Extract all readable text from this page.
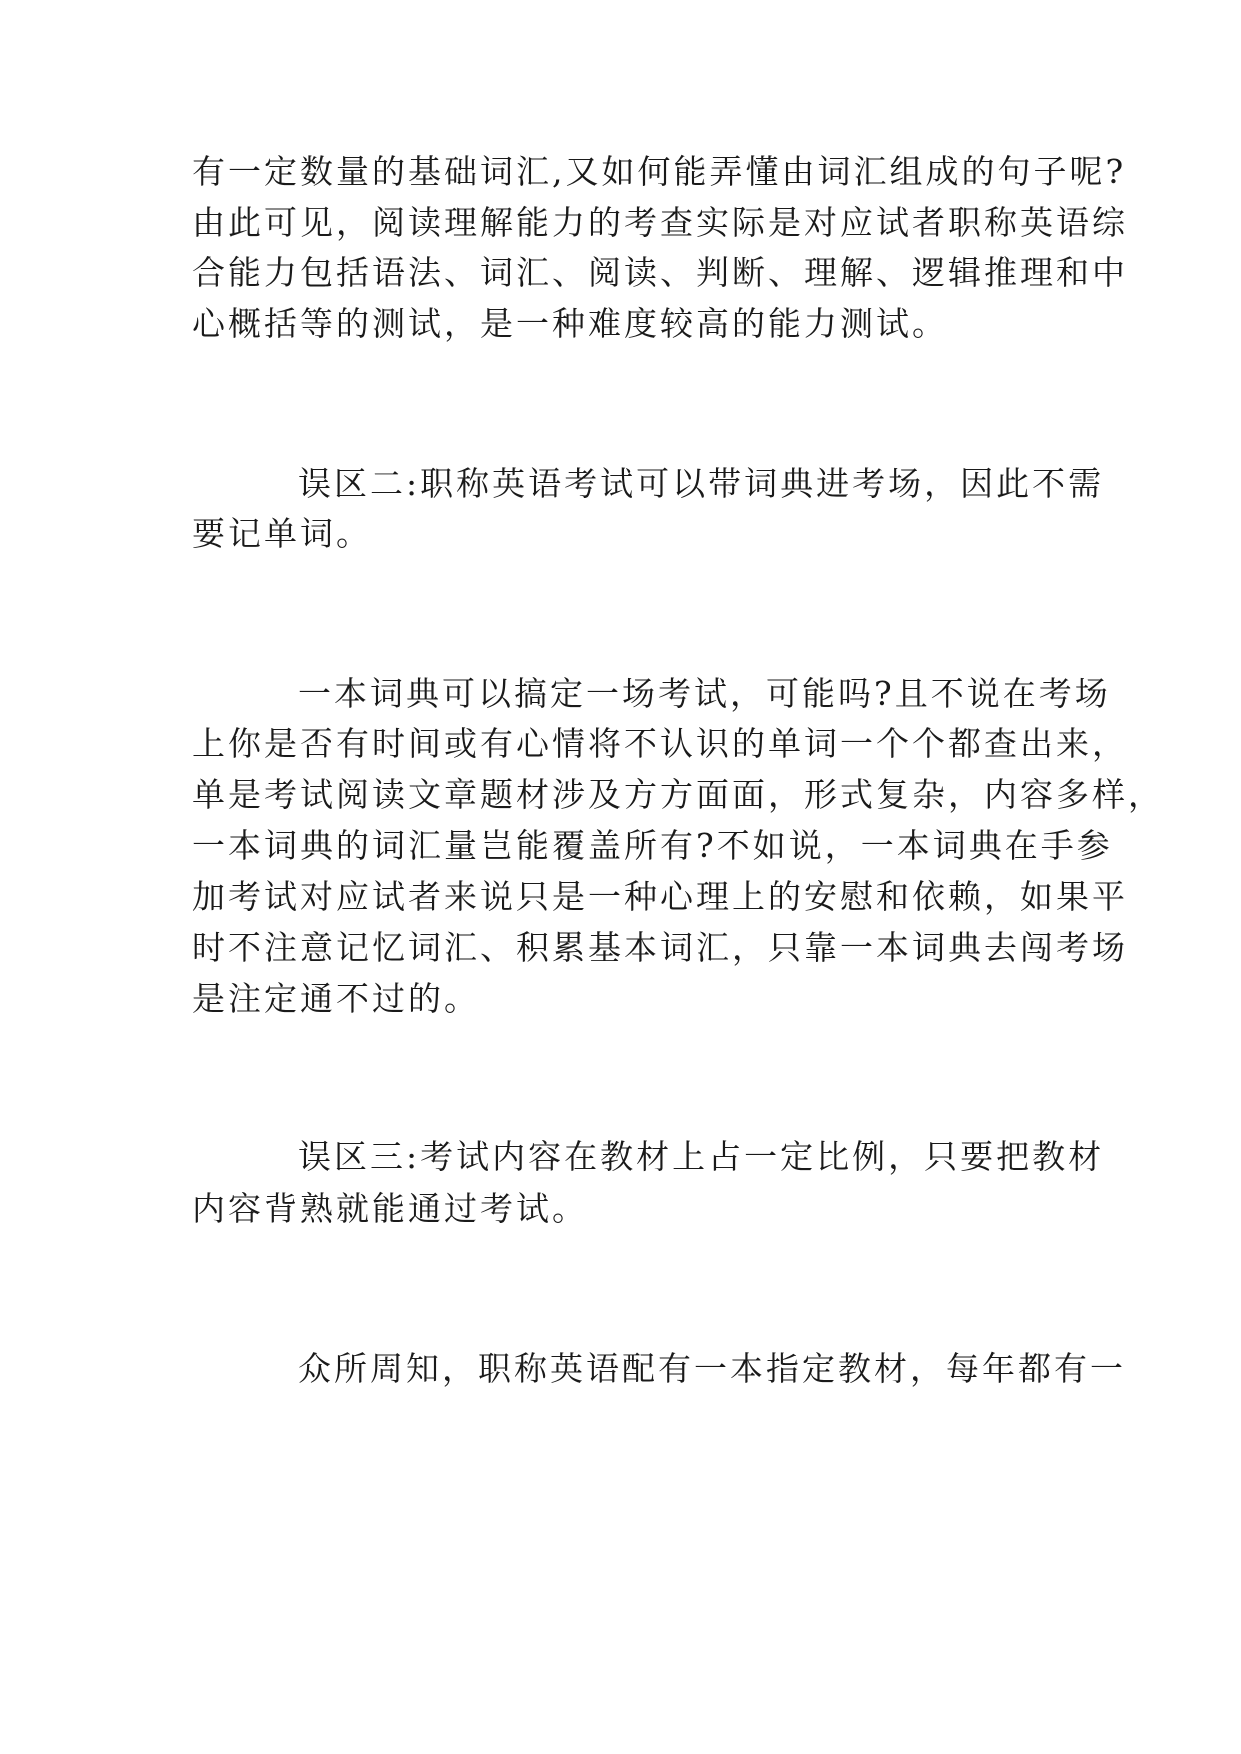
有一定数量的基础词汇,又如何能弄懂由词汇组成的句子呢?
由此可见，阅读理解能力的考查实际是对应试者职称英语综
合能力包括语法、词汇、阅读、判断、理解、逻辑推理和中
心概括等的测试，是一种难度较高的能力测试。
误区二:职称英语考试可以带词典进考场，因此不需
要记单词。
一本词典可以搞定一场考试，可能吗?且不说在考场
上你是否有时间或有心情将不认识的单词一个个都查出来，
单是考试阅读文章题材涉及方方面面，形式复杂，内容多样，
一本词典的词汇量岂能覆盖所有?不如说，一本词典在手参
加考试对应试者来说只是一种心理上的安慰和依赖，如果平
时不注意记忆词汇、积累基本词汇，只靠一本词典去闯考场
是注定通不过的。
误区三:考试内容在教材上占一定比例，只要把教材
内容背熟就能通过考试。
众所周知，职称英语配有一本指定教材，每年都有一
